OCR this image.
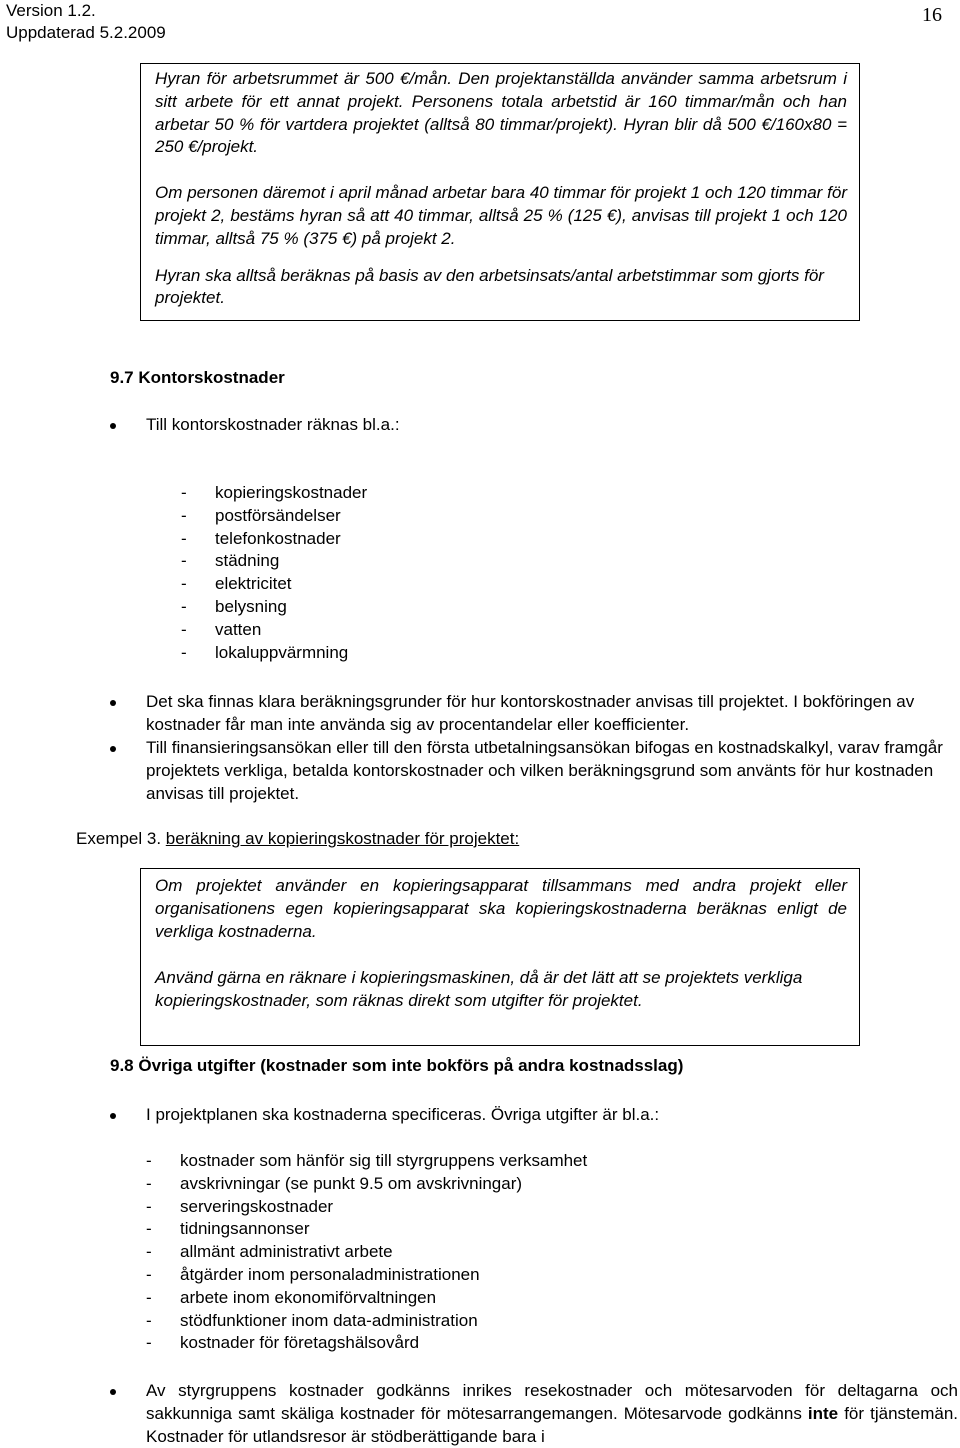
Version 1.2.
Uppdaterad 5.2.2009
16

Hyran för arbetsrummet är 500 €/mån. Den projektanställda använder samma arbetsrum i sitt arbete för ett annat projekt. Personens totala arbetstid är 160 timmar/mån och han arbetar 50 % för vartdera projektet (alltså 80 timmar/projekt). Hyran blir då 500 €/160x80 = 250 €/projekt.

Om personen däremot i april månad arbetar bara 40 timmar för projekt 1 och 120 timmar för projekt 2, bestäms hyran så att 40 timmar, alltså 25 % (125 €), anvisas till projekt 1 och 120 timmar, alltså 75 % (375 €) på projekt 2.

Hyran ska alltså beräknas på basis av den arbetsinsats/antal arbetstimmar som gjorts för projektet.

9.7 Kontorskostnader
Till kontorskostnader räknas bl.a.:
- kopieringskostnader
- postförsändelser
- telefonkostnader
- städning
- elektricitet
- belysning
- vatten
- lokaluppvärmning
Det ska finnas klara beräkningsgrunder för hur kontorskostnader anvisas till projektet. I bokföringen av kostnader får man inte använda sig av procentandelar eller koefficienter.
Till finansieringsansökan eller till den första utbetalningsansökan bifogas en kostnadskalkyl, varav framgår projektets verkliga, betalda kontorskostnader och vilken beräkningsgrund som använts för hur kostnaden anvisas till projektet.
Exempel 3. beräkning av kopieringskostnader för projektet:

Om projektet använder en kopieringsapparat tillsammans med andra projekt eller organisationens egen kopieringsapparat ska kopieringskostnaderna beräknas enligt de verkliga kostnaderna.

Använd gärna en räknare i kopieringsmaskinen, då är det lätt att se projektets verkliga kopieringskostnader, som räknas direkt som utgifter för projektet.

9.8 Övriga utgifter (kostnader som inte bokförs på andra kostnadsslag)
I projektplanen ska kostnaderna specificeras. Övriga utgifter är bl.a.:
- kostnader som hänför sig till styrgruppens verksamhet
- avskrivningar (se punkt 9.5 om avskrivningar)
- serveringskostnader
- tidningsannonser
- allmänt administrativt arbete
- åtgärder inom personaladministrationen
- arbete inom ekonomiförvaltningen
- stödfunktioner inom data-administration
- kostnader för företagshälsovård
Av styrgruppens kostnader godkänns inrikes resekostnader och mötesarvoden för deltagarna och sakkunniga samt skäliga kostnader för mötesarrangemangen. Mötesarvode godkänns inte för tjänstemän. Kostnader för utlandsresor är stödberättigande bara i
